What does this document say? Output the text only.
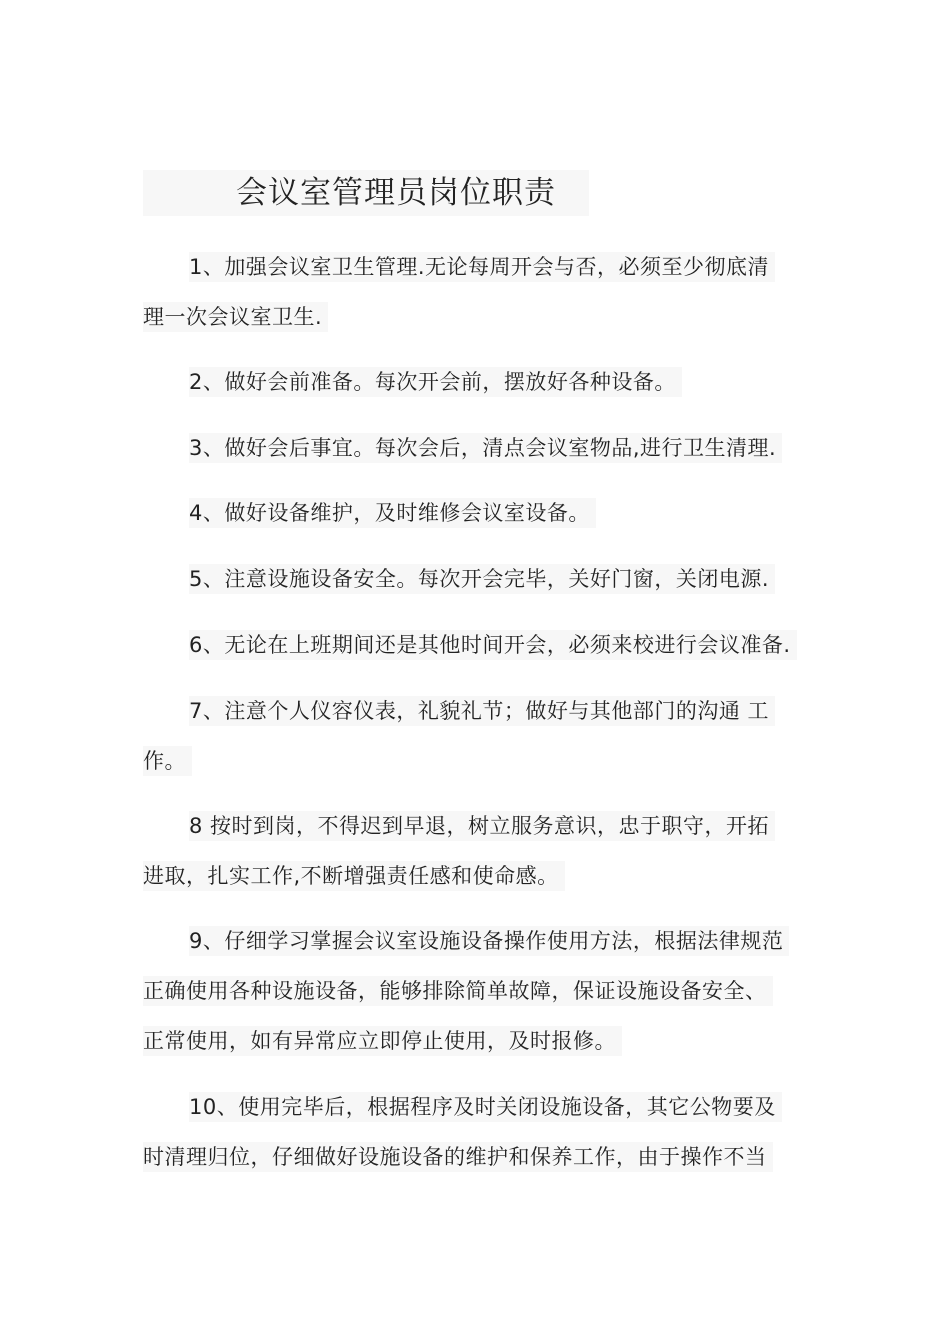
会议室管理员岗位职责
1、加强会议室卫生管理.无论每周开会与否，必须至少彻底清
理一次会议室卫生.
2、做好会前准备。每次开会前，摆放好各种设备。
3、做好会后事宜。每次会后，清点会议室物品,进行卫生清理.
4、做好设备维护，及时维修会议室设备。
5、注意设施设备安全。每次开会完毕，关好门窗，关闭电源.
6、无论在上班期间还是其他时间开会，必须来校进行会议准备.
7、注意个人仪容仪表，礼貌礼节；做好与其他部门的沟通 工
作。
8 按时到岗，不得迟到早退，树立服务意识，忠于职守，开拓
进取，扎实工作,不断增强责任感和使命感。
9、仔细学习掌握会议室设施设备操作使用方法，根据法律规范
正确使用各种设施设备，能够排除简单故障，保证设施设备安全、
正常使用，如有异常应立即停止使用，及时报修。
10、使用完毕后，根据程序及时关闭设施设备，其它公物要及
时清理归位，仔细做好设施设备的维护和保养工作，由于操作不当
